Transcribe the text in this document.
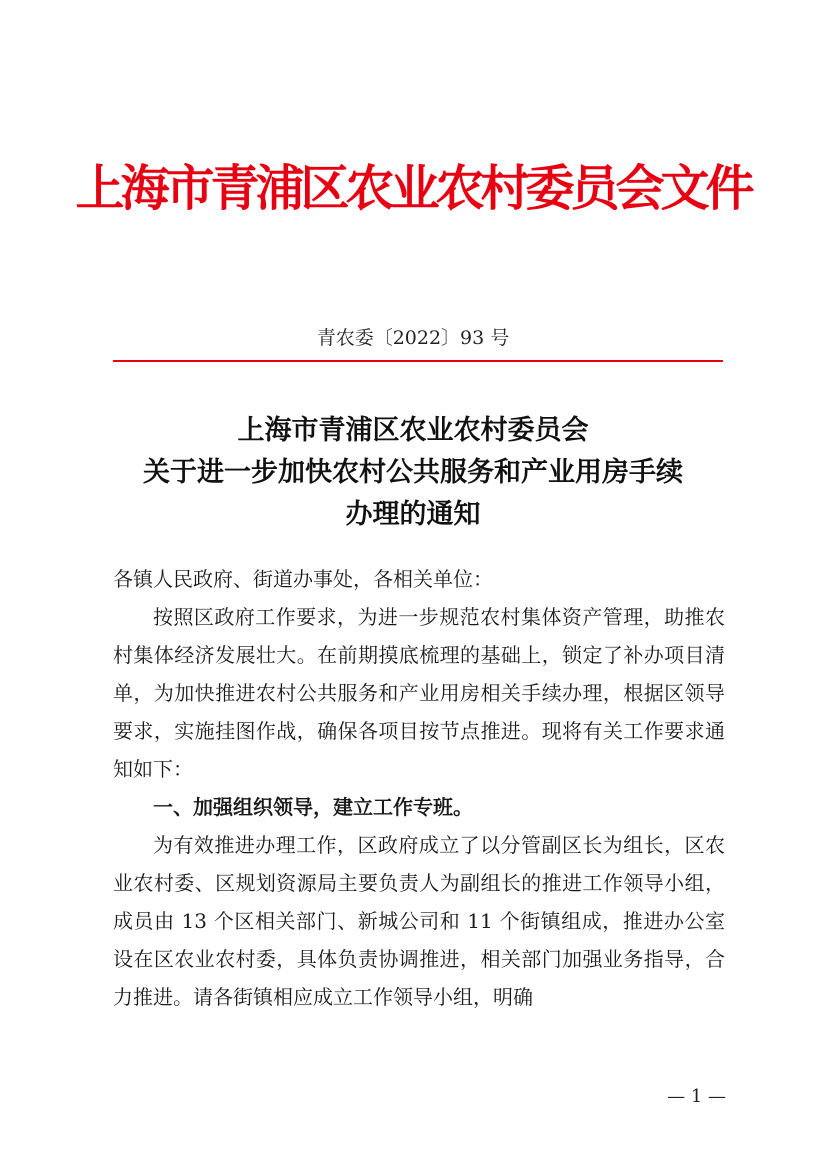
上海市青浦区农业农村委员会文件
青农委〔2022〕93 号
上海市青浦区农业农村委员会
关于进一步加快农村公共服务和产业用房手续
办理的通知

各镇人民政府、街道办事处，各相关单位：

按照区政府工作要求，为进一步规范农村集体资产管理，助推农村集体经济发展壮大。在前期摸底梳理的基础上，锁定了补办项目清单，为加快推进农村公共服务和产业用房相关手续办理，根据区领导要求，实施挂图作战，确保各项目按节点推进。现将有关工作要求通知如下：

一、加强组织领导，建立工作专班。

为有效推进办理工作，区政府成立了以分管副区长为组长，区农业农村委、区规划资源局主要负责人为副组长的推进工作领导小组，成员由 13 个区相关部门、新城公司和 11 个街镇组成，推进办公室设在区农业农村委，具体负责协调推进，相关部门加强业务指导，合力推进。请各街镇相应成立工作领导小组，明确

— 1 —
